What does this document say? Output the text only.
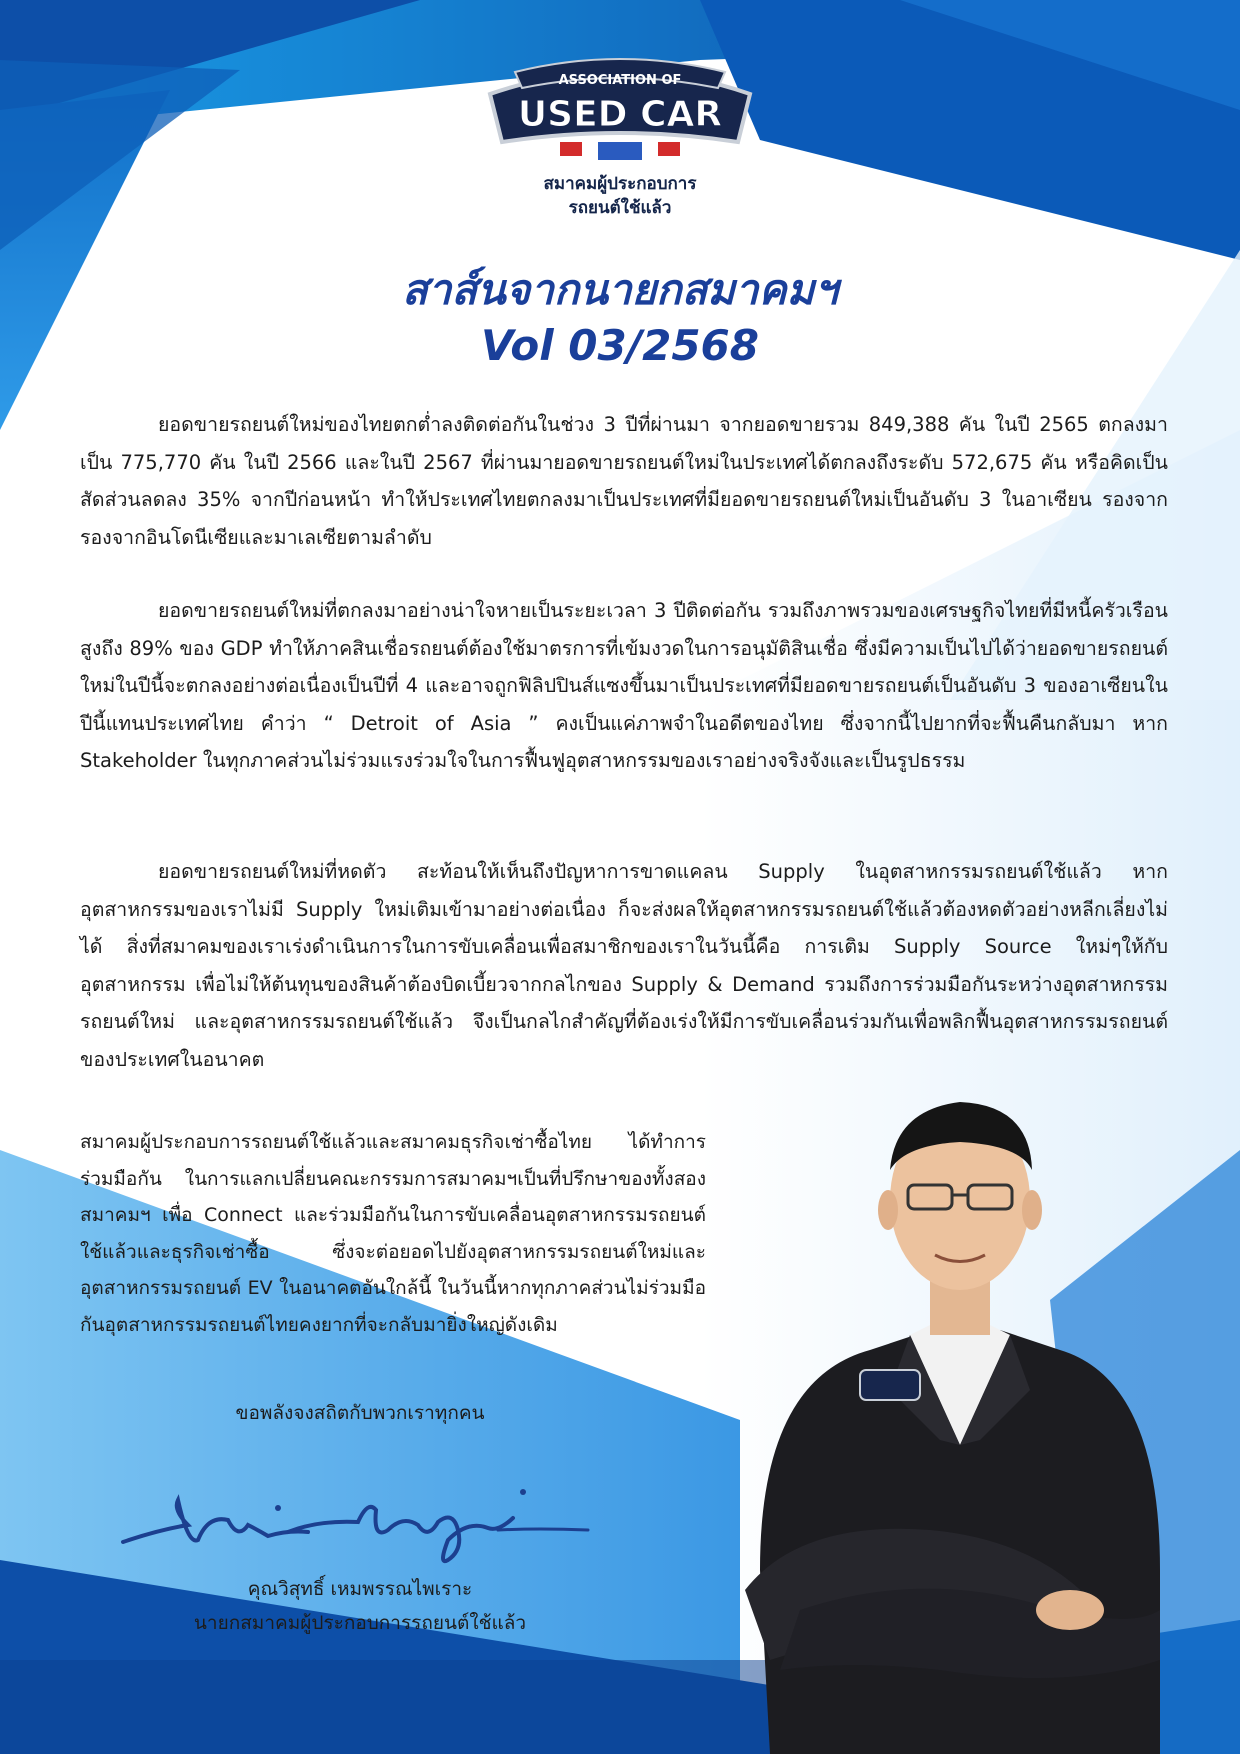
ASSOCIATION OF
USED CAR
สมาคมผู้ประกอบการ
รถยนต์ใช้แล้ว
สาส์นจากนายกสมาคมฯ
Vol 03/2568

ยอดขายรถยนต์ใหม่ของไทยตกต่ำลงติดต่อกันในช่วง 3 ปีที่ผ่านมา จากยอดขายรวม 849,388 คัน ในปี 2565 ตกลงมาเป็น 775,770 คัน ในปี 2566 และในปี 2567 ที่ผ่านมายอดขายรถยนต์ใหม่ในประเทศได้ตกลงถึงระดับ 572,675 คัน หรือคิดเป็นสัดส่วนลดลง 35% จากปีก่อนหน้า ทำให้ประเทศไทยตกลงมาเป็นประเทศที่มียอดขายรถยนต์ใหม่เป็นอันดับ 3 ในอาเซียน รองจากรองจากอินโดนีเซียและมาเลเซียตามลำดับ

ยอดขายรถยนต์ใหม่ที่ตกลงมาอย่างน่าใจหายเป็นระยะเวลา 3 ปีติดต่อกัน รวมถึงภาพรวมของเศรษฐกิจไทยที่มีหนี้ครัวเรือนสูงถึง 89% ของ GDP ทำให้ภาคสินเชื่อรถยนต์ต้องใช้มาตรการที่เข้มงวดในการอนุมัติสินเชื่อ ซึ่งมีความเป็นไปได้ว่ายอดขายรถยนต์ใหม่ในปีนี้จะตกลงอย่างต่อเนื่องเป็นปีที่ 4 และอาจถูกฟิลิปปินส์แซงขึ้นมาเป็นประเทศที่มียอดขายรถยนต์เป็นอันดับ 3 ของอาเซียนในปีนี้แทนประเทศไทย คำว่า “ Detroit of Asia ” คงเป็นแค่ภาพจำในอดีตของไทย ซึ่งจากนี้ไปยากที่จะฟื้นคืนกลับมา หาก Stakeholder ในทุกภาคส่วนไม่ร่วมแรงร่วมใจในการฟื้นฟูอุตสาหกรรมของเราอย่างจริงจังและเป็นรูปธรรม

ยอดขายรถยนต์ใหม่ที่หดตัว สะท้อนให้เห็นถึงปัญหาการขาดแคลน Supply ในอุตสาหกรรมรถยนต์ใช้แล้ว หากอุตสาหกรรมของเราไม่มี Supply ใหม่เติมเข้ามาอย่างต่อเนื่อง ก็จะส่งผลให้อุตสาหกรรมรถยนต์ใช้แล้วต้องหดตัวอย่างหลีกเลี่ยงไม่ได้ สิ่งที่สมาคมของเราเร่งดำเนินการในการขับเคลื่อนเพื่อสมาชิกของเราในวันนี้คือ การเติม Supply Source ใหม่ๆให้กับอุตสาหกรรม เพื่อไม่ให้ต้นทุนของสินค้าต้องบิดเบี้ยวจากกลไกของ Supply & Demand รวมถึงการร่วมมือกันระหว่างอุตสาหกรรมรถยนต์ใหม่ และอุตสาหกรรมรถยนต์ใช้แล้ว จึงเป็นกลไกสำคัญที่ต้องเร่งให้มีการขับเคลื่อนร่วมกันเพื่อพลิกฟื้นอุตสาหกรรมรถยนต์ของประเทศในอนาคต

สมาคมผู้ประกอบการรถยนต์ใช้แล้วและสมาคมธุรกิจเช่าซื้อไทย ได้ทำการร่วมมือกัน ในการแลกเปลี่ยนคณะกรรมการสมาคมฯเป็นที่ปรึกษาของทั้งสองสมาคมฯ เพื่อ Connect และร่วมมือกันในการขับเคลื่อนอุตสาหกรรมรถยนต์ใช้แล้วและธุรกิจเช่าซื้อ ซึ่งจะต่อยอดไปยังอุตสาหกรรมรถยนต์ใหม่และอุตสาหกรรมรถยนต์ EV ในอนาคตอันใกล้นี้ ในวันนี้หากทุกภาคส่วนไม่ร่วมมือกันอุตสาหกรรมรถยนต์ไทยคงยากที่จะกลับมายิ่งใหญ่ดังเดิม

ขอพลังจงสถิตกับพวกเราทุกคน
คุณวิสุทธิ์ เหมพรรณไพเราะ
นายกสมาคมผู้ประกอบการรถยนต์ใช้แล้ว
